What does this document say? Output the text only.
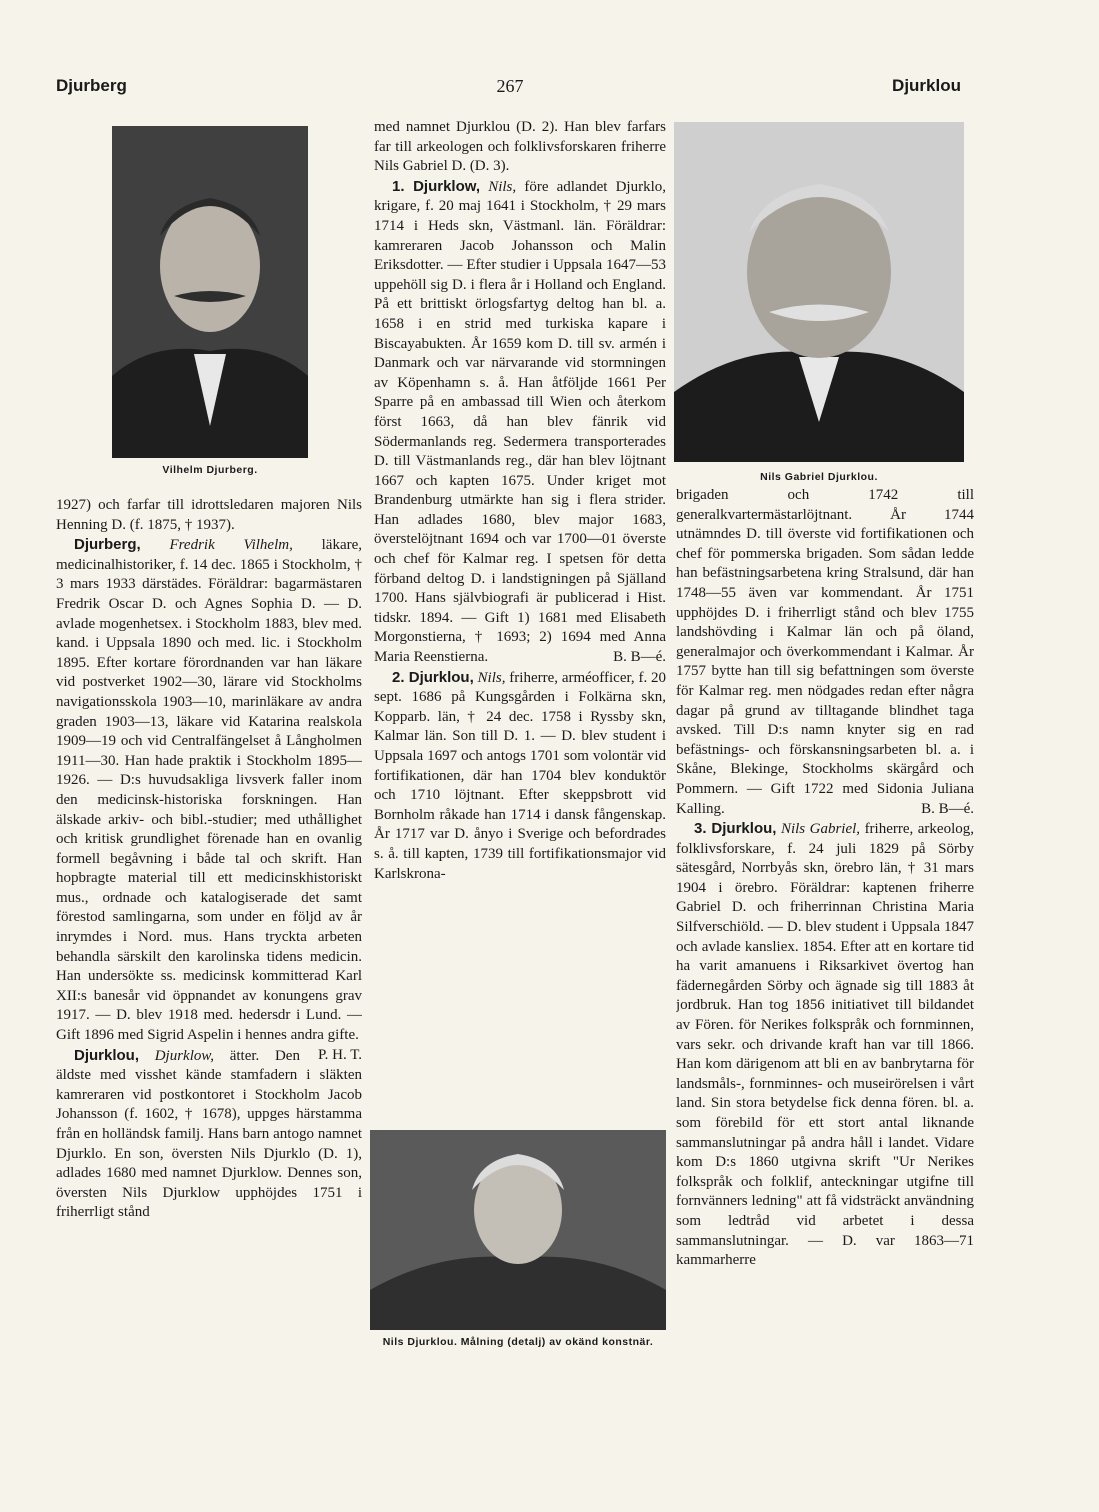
Djurberg	267	Djurklou
Vilhelm Djurberg.
Nils Gabriel Djurklou.
Nils Djurklou. Målning (detalj) av okänd konstnär.

1927) och farfar till idrottsledaren majoren Nils Henning D. (f. 1875, † 1937).

Djurberg, Fredrik Vilhelm, läkare, medicinalhistoriker, f. 14 dec. 1865 i Stockholm, † 3 mars 1933 därstädes. Föräldrar: bagarmästaren Fredrik Oscar D. och Agnes Sophia D. — D. avlade mogenhetsex. i Stockholm 1883, blev med. kand. i Uppsala 1890 och med. lic. i Stockholm 1895. Efter kortare förordnanden var han läkare vid postverket 1902—30, lärare vid Stockholms navigationsskola 1903—10, marinläkare av andra graden 1903—13, läkare vid Katarina realskola 1909—19 och vid Centralfängelset å Långholmen 1911—30. Han hade praktik i Stockholm 1895—1926. — D:s huvudsakliga livsverk faller inom den medicinsk-historiska forskningen. Han älskade arkiv- och bibl.-studier; med uthållighet och kritisk grundlighet förenade han en ovanlig formell begåvning i både tal och skrift. Han hopbragte material till ett medicinskhistoriskt mus., ordnade och katalogiserade det samt förestod samlingarna, som under en följd av år inrymdes i Nord. mus. Hans tryckta arbeten behandla särskilt den karolinska tidens medicin. Han undersökte ss. medicinsk kommitterad Karl XII:s banesår vid öppnandet av konungens grav 1917. — D. blev 1918 med. hedersdr i Lund. — Gift 1896 med Sigrid Aspelin i hennes andra gifte.
P. H. T.

Djurklou, Djurklow, ätter. Den äldste med visshet kände stamfadern i släkten kamreraren vid postkontoret i Stockholm Jacob Johansson (f. 1602, † 1678), uppges härstamma från en holländsk familj. Hans barn antogo namnet Djurklo. En son, översten Nils Djurklo (D. 1), adlades 1680 med namnet Djurklow. Dennes son, översten Nils Djurklow upphöjdes 1751 i friherrligt stånd

med namnet Djurklou (D. 2). Han blev farfars far till arkeologen och folklivsforskaren friherre Nils Gabriel D. (D. 3).

1. Djurklow, Nils, före adlandet Djurklo, krigare, f. 20 maj 1641 i Stockholm, † 29 mars 1714 i Heds skn, Västmanl. län. Föräldrar: kamreraren Jacob Johansson och Malin Eriksdotter. — Efter studier i Uppsala 1647—53 uppehöll sig D. i flera år i Holland och England. På ett brittiskt örlogsfartyg deltog han bl. a. 1658 i en strid med turkiska kapare i Biscayabukten. År 1659 kom D. till sv. armén i Danmark och var närvarande vid stormningen av Köpenhamn s. å. Han åtföljde 1661 Per Sparre på en ambassad till Wien och återkom först 1663, då han blev fänrik vid Södermanlands reg. Sedermera transporterades D. till Västmanlands reg., där han blev löjtnant 1667 och kapten 1675. Under kriget mot Brandenburg utmärkte han sig i flera strider. Han adlades 1680, blev major 1683, överstelöjtnant 1694 och var 1700—01 överste och chef för Kalmar reg. I spetsen för detta förband deltog D. i landstigningen på Själland 1700. Hans självbiografi är publicerad i Hist. tidskr. 1894. — Gift 1) 1681 med Elisabeth Morgonstierna, † 1693; 2) 1694 med Anna Maria Reenstierna.	B. B—é.

2. Djurklou, Nils, friherre, arméofficer, f. 20 sept. 1686 på Kungsgården i Folkärna skn, Kopparb. län, † 24 dec. 1758 i Ryssby skn, Kalmar län. Son till D. 1. — D. blev student i Uppsala 1697 och antogs 1701 som volontär vid fortifikationen, där han 1704 blev konduktör och 1710 löjtnant. Efter skeppsbrott vid Bornholm råkade han 1714 i dansk fångenskap. År 1717 var D. ånyo i Sverige och befordrades s. å. till kapten, 1739 till fortifikationsmajor vid Karlskrona-

brigaden och 1742 till generalkvartermästarlöjtnant. År 1744 utnämndes D. till överste vid fortifikationen och chef för pommerska brigaden. Som sådan ledde han befästningsarbetena kring Stralsund, där han 1748—55 även var kommendant. År 1751 upphöjdes D. i friherrligt stånd och blev 1755 landshövding i Kalmar län och på öland, generalmajor och överkommendant i Kalmar. År 1757 bytte han till sig befattningen som överste för Kalmar reg. men nödgades redan efter några dagar på grund av tilltagande blindhet taga avsked. Till D:s namn knyter sig en rad befästnings- och förskansningsarbeten bl. a. i Skåne, Blekinge, Stockholms skärgård och Pommern. — Gift 1722 med Sidonia Juliana Kalling.	B. B—é.

3. Djurklou, Nils Gabriel, friherre, arkeolog, folklivsforskare, f. 24 juli 1829 på Sörby sätesgård, Norrbyås skn, örebro län, † 31 mars 1904 i örebro. Föräldrar: kaptenen friherre Gabriel D. och friherrinnan Christina Maria Silfverschiöld. — D. blev student i Uppsala 1847 och avlade kansliex. 1854. Efter att en kortare tid ha varit amanuens i Riksarkivet övertog han fädernegården Sörby och ägnade sig till 1883 åt jordbruk. Han tog 1856 initiativet till bildandet av Fören. för Nerikes folkspråk och fornminnen, vars sekr. och drivande kraft han var till 1866. Han kom därigenom att bli en av banbrytarna för landsmåls-, fornminnes- och museirörelsen i vårt land. Sin stora betydelse fick denna fören. bl. a. som förebild för ett stort antal liknande sammanslutningar på andra håll i landet. Vidare kom D:s 1860 utgivna skrift "Ur Nerikes folkspråk och folklif, anteckningar utgifne till fornvänners ledning" att få vidsträckt användning som ledtråd vid arbetet i dessa sammanslutningar. — D. var 1863—71 kammarherre
